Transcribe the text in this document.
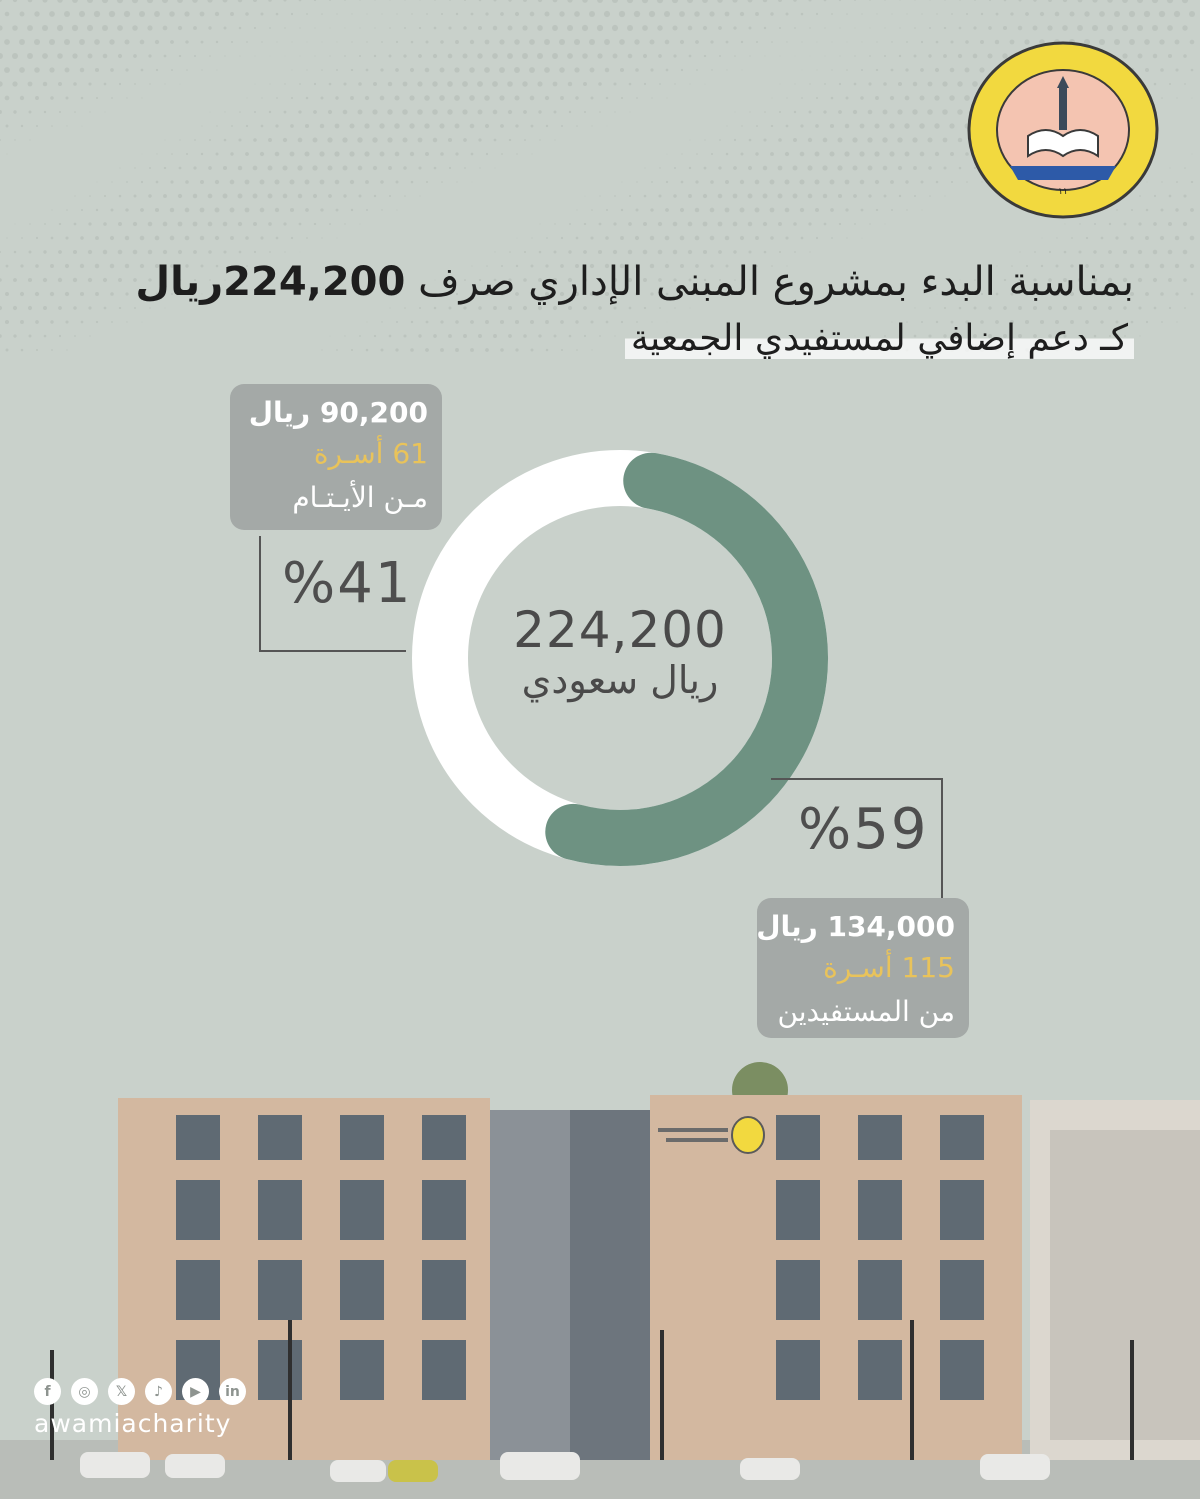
١١
بمناسبة البدء بمشروع المبنى الإداري صرف 224,200ريال
كـ دعم إضافي لمستفيدي الجمعية
224,200
ريال سعودي
%41
%59
90,200 ريال
61 أسـرة
مـن الأيـتـام
134,000 ريال
115 أسـرة
من المستفيدين
f	◎	𝕏	♪	▶	in
awamiacharity
